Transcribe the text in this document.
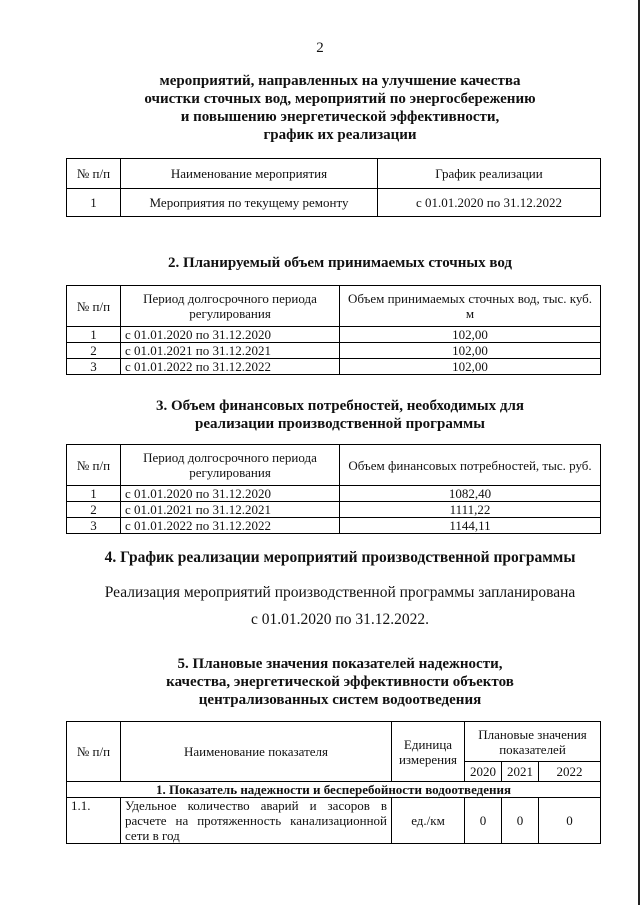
2
мероприятий, направленных на улучшение качества
очистки сточных вод, мероприятий по энергосбережению
и повышению энергетической эффективности,
график их реализации
№ п/п	Наименование мероприятия	График реализации
1	Мероприятия по текущему ремонту	с 01.01.2020 по 31.12.2022
2. Планируемый объем принимаемых сточных вод
№ п/п	Период долгосрочного периода регулирования	Объем принимаемых сточных вод, тыс. куб. м
1	с 01.01.2020 по 31.12.2020	102,00
2	с 01.01.2021 по 31.12.2021	102,00
3	с 01.01.2022 по 31.12.2022	102,00
3. Объем финансовых потребностей, необходимых для
реализации производственной программы
№ п/п	Период долгосрочного периода регулирования	Объем финансовых потребностей, тыс. руб.
1	с 01.01.2020 по 31.12.2020	1082,40
2	с 01.01.2021 по 31.12.2021	1111,22
3	с 01.01.2022 по 31.12.2022	1144,11
4. График реализации мероприятий производственной программы
Реализация мероприятий производственной программы запланирована
с 01.01.2020 по 31.12.2022.
5. Плановые значения показателей надежности,
качества, энергетической эффективности объектов
централизованных систем водоотведения
№ п/п	Наименование показателя	Единица измерения	Плановые значения показателей		
			2020	2021	2022
1. Показатель надежности и бесперебойности водоотведения					
1.1.	Удельное количество аварий и засоров в
расчете на протяженность канализационной
сети в год	ед./км	0	0	0
